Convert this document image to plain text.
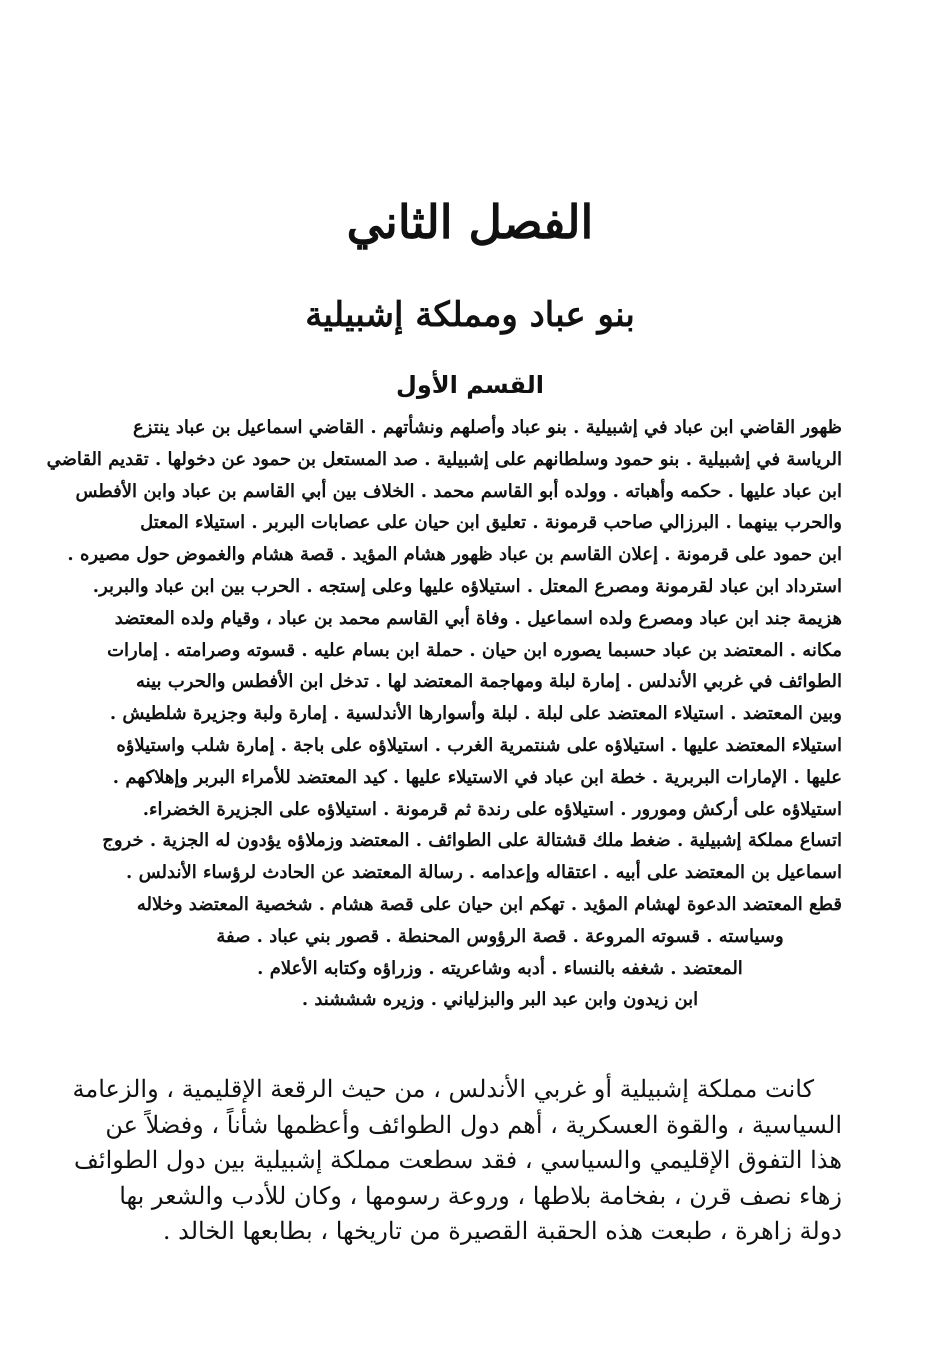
الفصل الثاني
بنو عباد ومملكة إشبيلية
القسم الأول
ظهور القاضي ابن عباد في إشبيلية . بنو عباد وأصلهم ونشأتهم . القاضي اسماعيل بن عباد ينتزع
الرياسة في إشبيلية . بنو حمود وسلطانهم على إشبيلية . صد المستعل بن حمود عن دخولها . تقديم القاضي
ابن عباد عليها . حكمه وأهباته . وولده أبو القاسم محمد . الخلاف بين أبي القاسم بن عباد وابن الأفطس
والحرب بينهما . البرزالي صاحب قرمونة . تعليق ابن حيان على عصابات البربر . استيلاء المعتل
ابن حمود على قرمونة . إعلان القاسم بن عباد ظهور هشام المؤيد . قصة هشام والغموض حول مصيره .
استرداد ابن عباد لقرمونة ومصرع المعتل . استيلاؤه عليها وعلى إستجه . الحرب بين ابن عباد والبربر.
هزيمة جند ابن عباد ومصرع ولده اسماعيل . وفاة أبي القاسم محمد بن عباد ، وقيام ولده المعتضد
مكانه . المعتضد بن عباد حسبما يصوره ابن حيان . حملة ابن بسام عليه . قسوته وصرامته . إمارات
الطوائف في غربي الأندلس . إمارة لبلة ومهاجمة المعتضد لها . تدخل ابن الأفطس والحرب بينه
وبين المعتضد . استيلاء المعتضد على لبلة . لبلة وأسوارها الأندلسية . إمارة ولبة وجزيرة شلطيش .
استيلاء المعتضد عليها . استيلاؤه على شنتمرية الغرب . استيلاؤه على باجة . إمارة شلب واستيلاؤه
عليها . الإمارات البربرية . خطة ابن عباد في الاستيلاء عليها . كيد المعتضد للأمراء البربر وإهلاكهم .
استيلاؤه على أركش ومورور . استيلاؤه على رندة ثم قرمونة . استيلاؤه على الجزيرة الخضراء.
اتساع مملكة إشبيلية . ضغط ملك قشتالة على الطوائف . المعتضد وزملاؤه يؤدون له الجزية . خروج
اسماعيل بن المعتضد على أبيه . اعتقاله وإعدامه . رسالة المعتضد عن الحادث لرؤساء الأندلس .
قطع المعتضد الدعوة لهشام المؤيد . تهكم ابن حيان على قصة هشام . شخصية المعتضد وخلاله
وسياسته . قسوته المروعة . قصة الرؤوس المحنطة . قصور بني عباد . صفة
المعتضد . شغفه بالنساء . أدبه وشاعريته . وزراؤه وكتابه الأعلام .
ابن زيدون وابن عبد البر والبزلياني . وزيره شششند .
كانت مملكة إشبيلية أو غربي الأندلس ، من حيث الرقعة الإقليمية ، والزعامة
السياسية ، والقوة العسكرية ، أهم دول الطوائف وأعظمها شأناً ، وفضلاً عن
هذا التفوق الإقليمي والسياسي ، فقد سطعت مملكة إشبيلية بين دول الطوائف
زهاء نصف قرن ، بفخامة بلاطها ، وروعة رسومها ، وكان للأدب والشعر بها
دولة زاهرة ، طبعت هذه الحقبة القصيرة من تاريخها ، بطابعها الخالد .
